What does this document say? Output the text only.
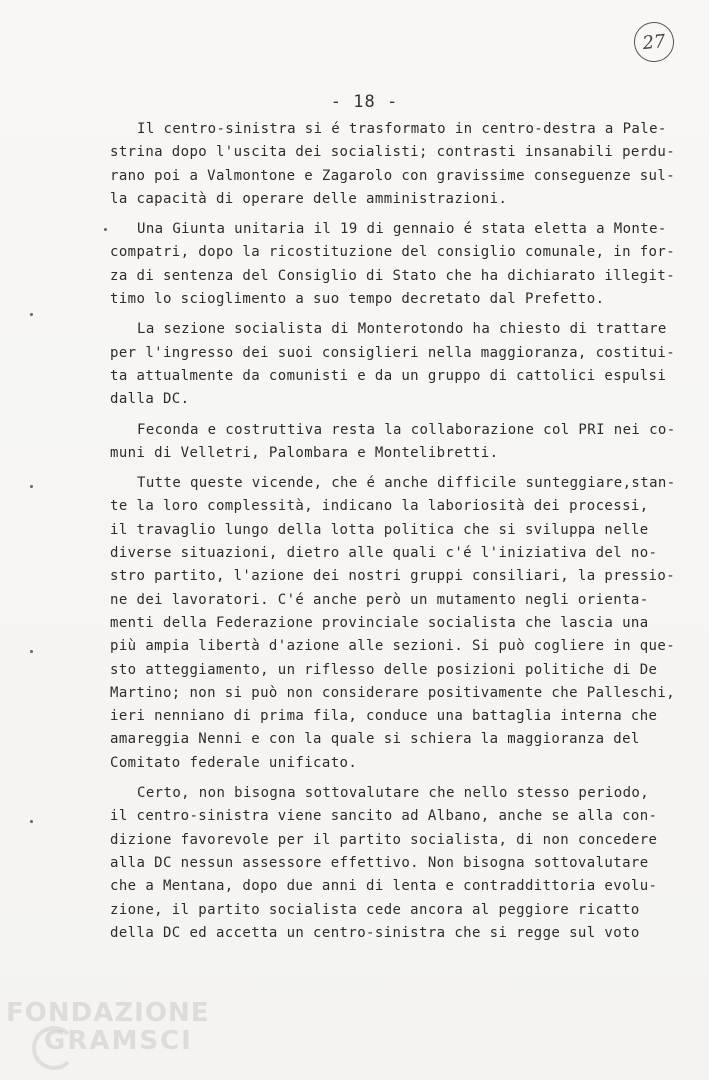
27
- 18 -
Il centro-sinistra si é trasformato in centro-destra a Pale-
strina dopo l'uscita dei socialisti; contrasti insanabili perdu-
rano poi a Valmontone e Zagarolo con gravissime conseguenze sul-
la capacità di operare delle amministrazioni.
Una Giunta unitaria il 19 di gennaio é stata eletta a Monte-
compatri, dopo la ricostituzione del consiglio comunale, in for-
za di sentenza del Consiglio di Stato che ha dichiarato illegit-
timo lo scioglimento a suo tempo decretato dal Prefetto.
La sezione socialista di Monterotondo ha chiesto di trattare
per l'ingresso dei suoi consiglieri nella maggioranza, costitui-
ta attualmente da comunisti e da un gruppo di cattolici espulsi
dalla DC.
Feconda e costruttiva resta la collaborazione col PRI nei co-
muni di Velletri, Palombara e Montelibretti.
Tutte queste vicende, che é anche difficile sunteggiare,stan-
te la loro complessità, indicano la laboriosità dei processi,
il travaglio lungo della lotta politica che si sviluppa nelle
diverse situazioni, dietro alle quali c'é l'iniziativa del no-
stro partito, l'azione dei nostri gruppi consiliari, la pressio-
ne dei lavoratori. C'é anche però un mutamento negli orienta-
menti della Federazione provinciale socialista che lascia una
più ampia libertà d'azione alle sezioni. Si può cogliere in que-
sto atteggiamento, un riflesso delle posizioni politiche di De
Martino; non si può non considerare positivamente che Palleschi,
ieri nenniano di prima fila, conduce una battaglia interna che
amareggia Nenni e con la quale si schiera la maggioranza del
Comitato federale unificato.
Certo, non bisogna sottovalutare che nello stesso periodo,
il centro-sinistra viene sancito ad Albano, anche se alla con-
dizione favorevole per il partito socialista, di non concedere
alla DC nessun assessore effettivo. Non bisogna sottovalutare
che a Mentana, dopo due anni di lenta e contraddittoria evolu-
zione, il partito socialista cede ancora al peggiore ricatto
della DC ed accetta un centro-sinistra che si regge sul voto
FONDAZIONE
GRAMSCI
